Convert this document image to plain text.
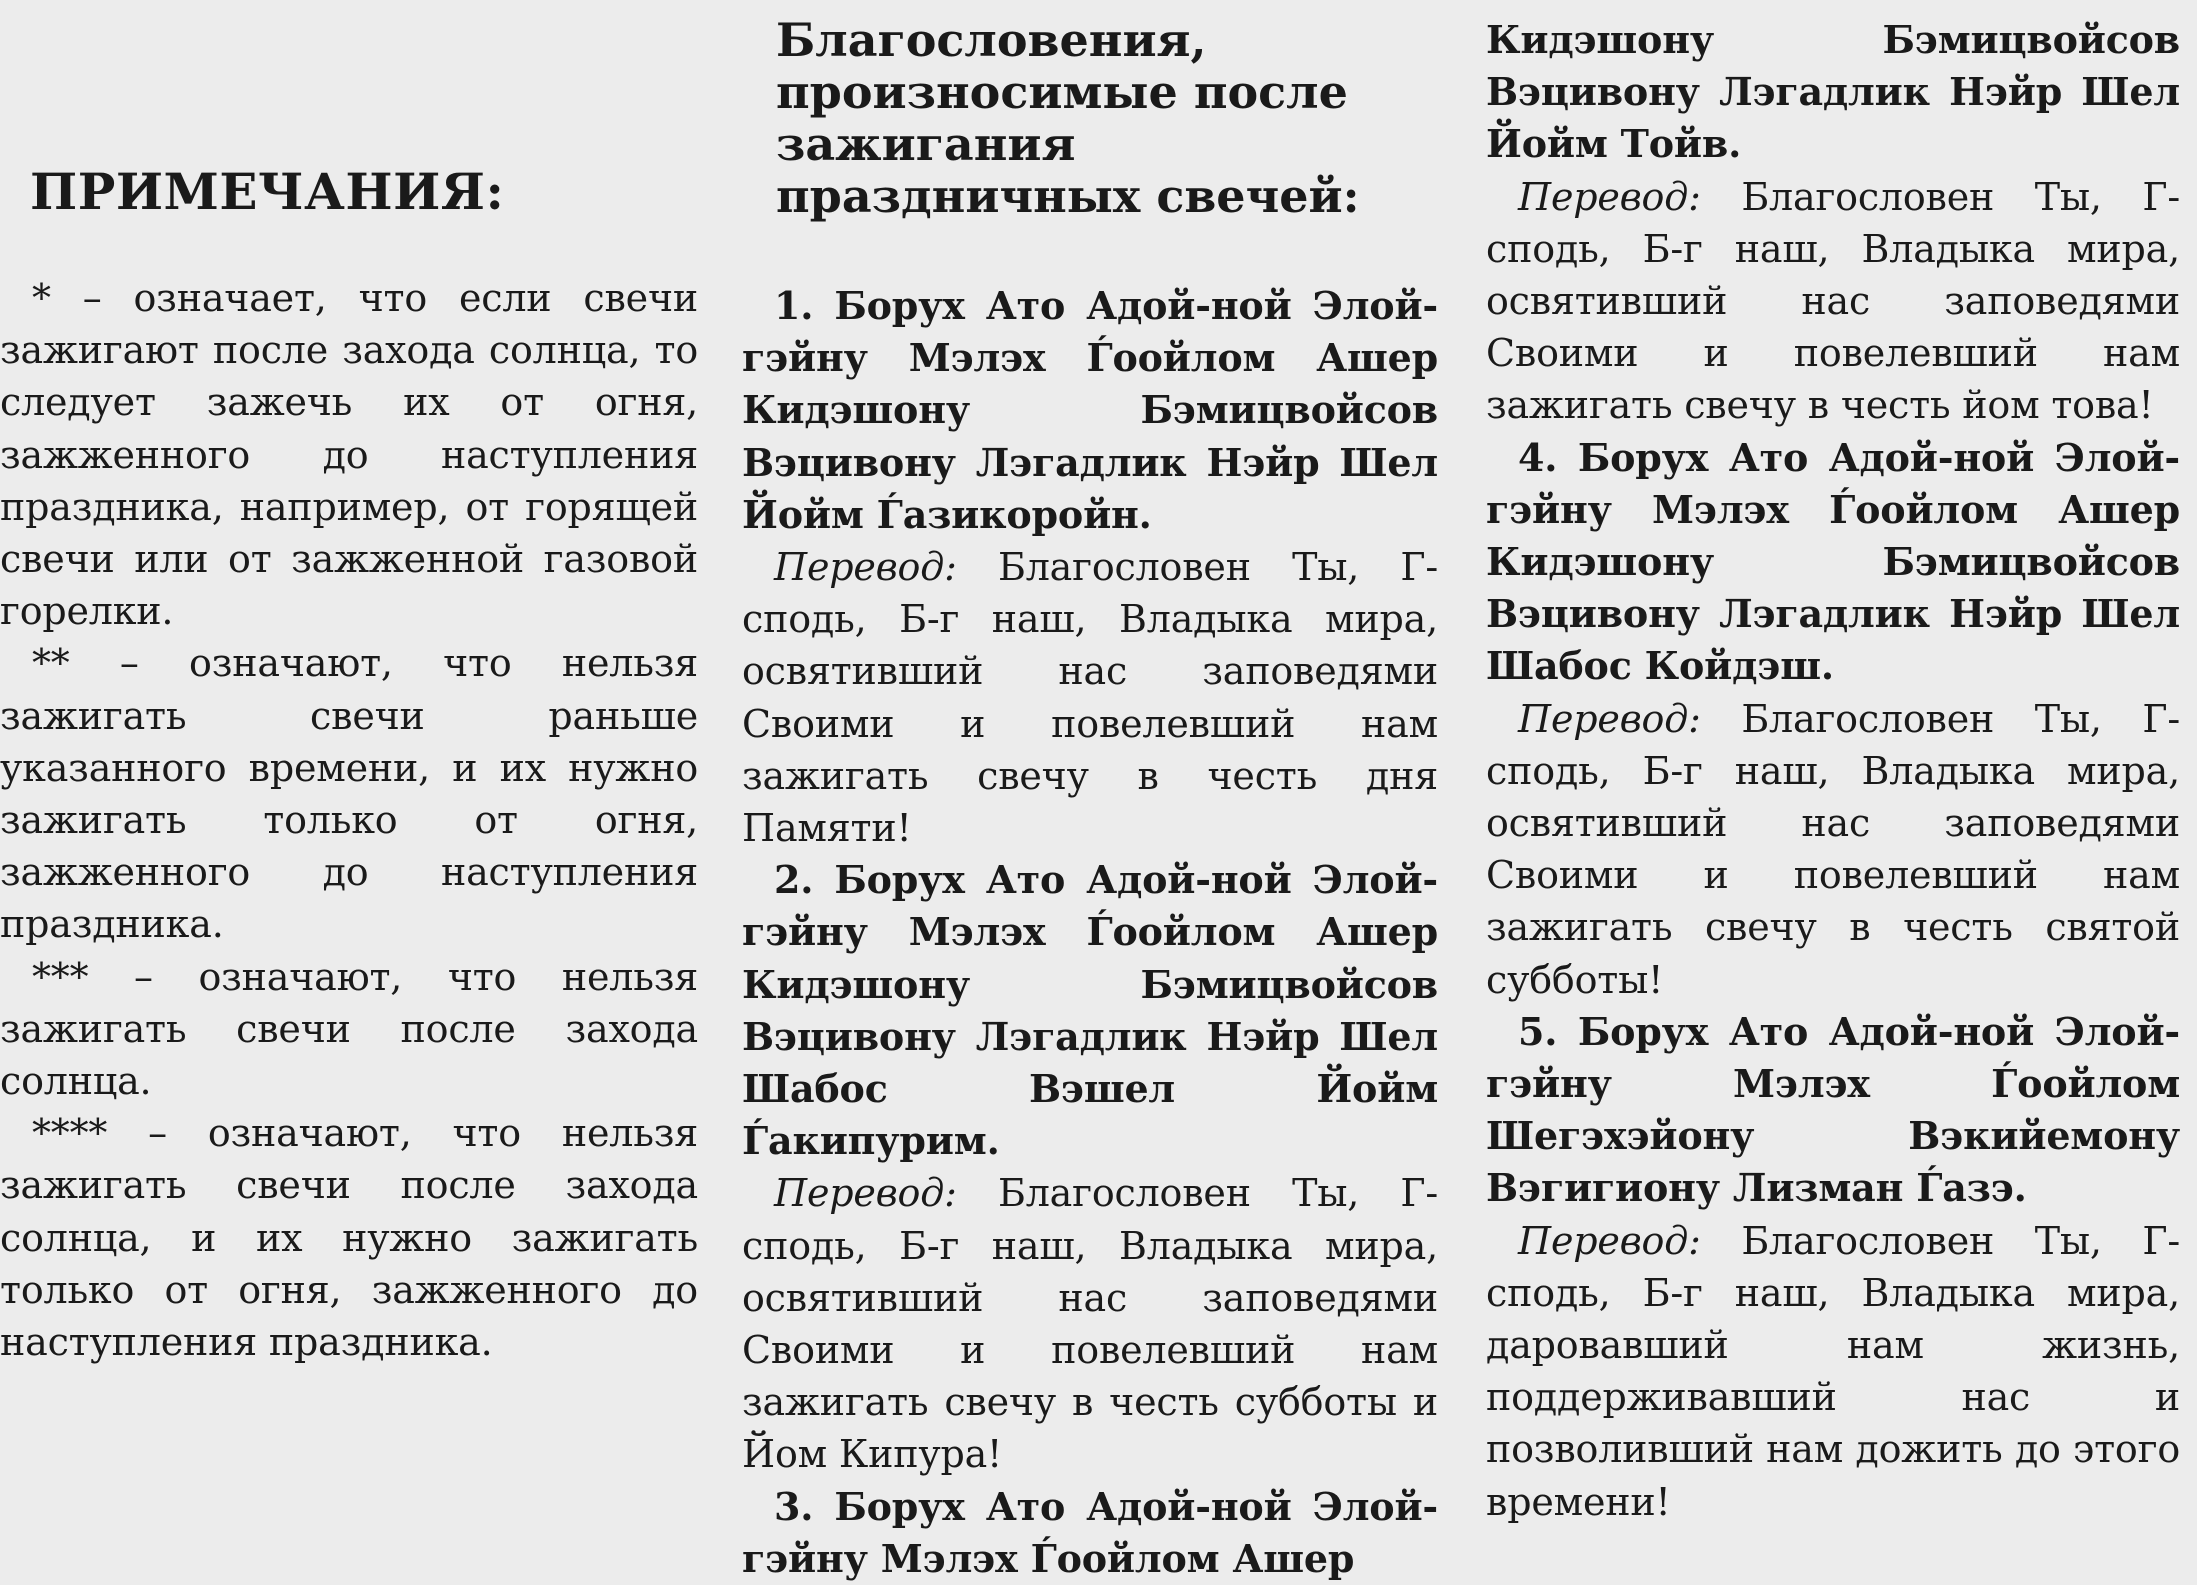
ПРИМЕЧАНИЯ:

* – означает, что если свечи зажигают после захода солнца, то следует зажечь их от огня, зажженного до наступления праздника, например, от горящей свечи или от зажженной газовой горелки.

** – означают, что нельзя зажигать свечи раньше указанного времени, и их нужно зажигать только от огня, зажженного до наступления праздника.

*** – означают, что нельзя зажигать свечи после захода солнца.

**** – означают, что нельзя зажигать свечи после захода солнца, и их нужно зажигать только от огня, зажженного до наступления праздника.

Благословения, произносимые после зажигания праздничных свечей:

1. Борух Ато Адой-ной Элой-гэйну Мэлэх Ѓоойлом Ашер Кидэшону Бэмицвойсов Вэцивону Лэгадлик Нэйр Шел Йойм Ѓазикоройн.

Перевод: Благословен Ты, Г- сподь, Б-г наш, Владыка мира, освятивший нас заповедями Своими и повелевший нам зажигать свечу в честь дня Памяти!

2. Борух Ато Адой-ной Элой-гэйну Мэлэх Ѓоойлом Ашер Кидэшону Бэмицвойсов Вэцивону Лэгадлик Нэйр Шел Шабос Вэшел Йойм Ѓакипурим.

Перевод: Благословен Ты, Г- сподь, Б-г наш, Владыка мира, освятивший нас заповедями Своими и повелевший нам зажигать свечу в честь субботы и Йом Кипура!

3. Борух Ато Адой-ной Элой-гэйну Мэлэх Ѓоойлом Ашер

Кидэшону Бэмицвойсов Вэцивону Лэгадлик Нэйр Шел Йойм Тойв.

Перевод: Благословен Ты, Г- сподь, Б-г наш, Владыка мира, освятивший нас заповедями Своими и повелевший нам зажигать свечу в честь йом това!

4. Борух Ато Адой-ной Элой-гэйну Мэлэх Ѓоойлом Ашер Кидэшону Бэмицвойсов Вэцивону Лэгадлик Нэйр Шел Шабос Койдэш.

Перевод: Благословен Ты, Г- сподь, Б-г наш, Владыка мира, освятивший нас заповедями Своими и повелевший нам зажигать свечу в честь святой субботы!

5. Борух Ато Адой-ной Элой-гэйну Мэлэх Ѓоойлом Шегэхэйону Вэкийемону Вэгигиону Лизман Ѓазэ.

Перевод: Благословен Ты, Г- сподь, Б-г наш, Владыка мира, даровавший нам жизнь, поддерживавший нас и позволивший нам дожить до этого времени!
